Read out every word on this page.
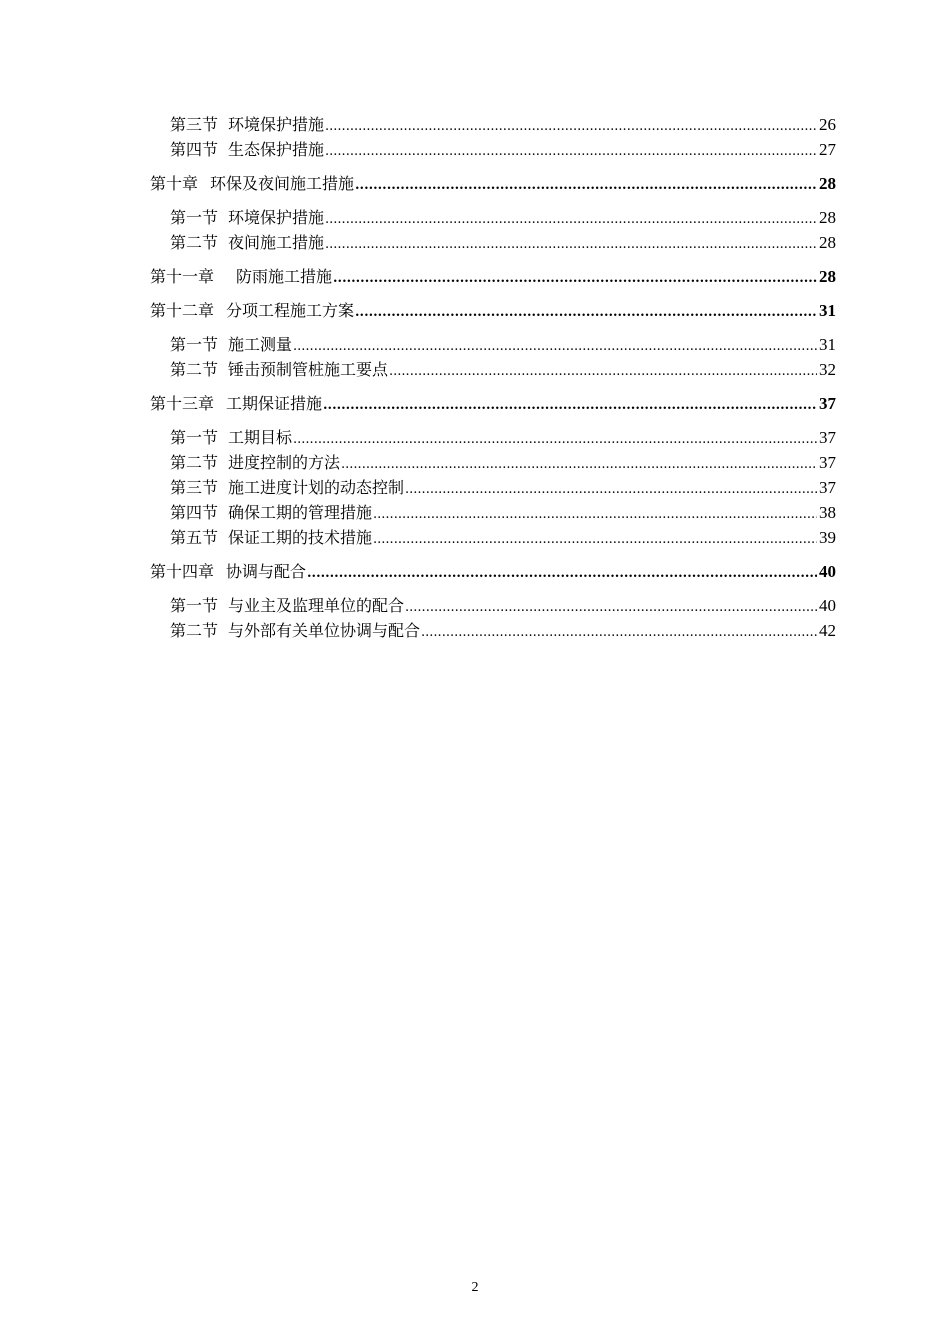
第三节 环境保护措施 .....	26
第四节 生态保护措施 .....	27
第十章 环保及夜间施工措施 .....	28
第一节 环境保护措施 .....	28
第二节 夜间施工措施 .....	28
第十一章 防雨施工措施 .....	28
第十二章 分项工程施工方案 .....	31
第一节 施工测量 .....	31
第二节 锤击预制管桩施工要点 .....	32
第十三章 工期保证措施 .....	37
第一节 工期目标 .....	37
第二节 进度控制的方法 .....	37
第三节 施工进度计划的动态控制 .....	37
第四节 确保工期的管理措施 .....	38
第五节 保证工期的技术措施 .....	39
第十四章 协调与配合 .....	40
第一节 与业主及监理单位的配合 .....	40
第二节 与外部有关单位协调与配合 .....	42
2
